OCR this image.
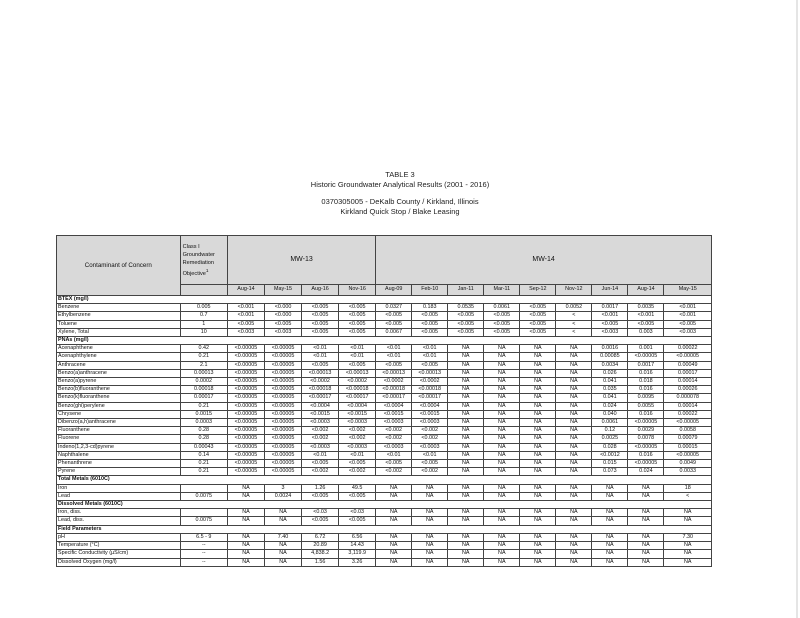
TABLE 3
Historic Groundwater Analytical Results (2001 - 2016)
0370305005 - DeKalb County / Kirkland, Illinois
Kirkland Quick Stop / Blake Leasing
Contaminant of Concern	Class I Groundwater Remediation Objective$^1$	MW-13				MW-14								
		Aug-14	May-15	Aug-16	Nov-16	Aug-09	Feb-10	Jan-11	Mar-11	Sep-12	Nov-12	Jun-14	Aug-14	May-15
BTEX (mg/l)														
Benzene	0.005	<0.001	<0.000	<0.005	<0.005	0.0327	0.183	0.0535	0.0061	<0.005	0.0052	0.0017	0.0035	<0.001
Ethylbenzene	0.7	<0.001	<0.000	<0.005	<0.005	<0.005	<0.005	<0.005	<0.005	<0.005	<	<0.001	<0.001	<0.001
Toluene	1	<0.005	<0.005	<0.005	<0.005	<0.005	<0.005	<0.005	<0.005	<0.005	<	<0.005	<0.005	<0.005
Xylene, Total	10	<0.003	<0.003	<0.005	<0.005	0.0067	<0.005	<0.005	<0.005	<0.005	<	<0.003	0.003	<0.003
PNAs (mg/l)														
Acenaphthene	0.42	<0.00005	<0.00005	<0.01	<0.01	<0.01	<0.01	NA	NA	NA	NA	0.0016	0.001	0.00022
Acenaphthylene	0.21	<0.00005	<0.00005	<0.01	<0.01	<0.01	<0.01	NA	NA	NA	NA	0.00085	<0.00005	<0.00005
Anthracene	2.1	<0.00005	<0.00005	<0.005	<0.005	<0.005	<0.005	NA	NA	NA	NA	0.0034	0.0017	0.00049
Benzo(a)anthracene	0.00013	<0.00005	<0.00005	<0.00013	<0.00013	<0.00013	<0.00013	NA	NA	NA	NA	0.026	0.016	0.00017
Benzo(a)pyrene	0.0002	<0.00005	<0.00005	<0.0002	<0.0002	<0.0002	<0.0002	NA	NA	NA	NA	0.041	0.018	0.00014
Benzo(b)fluoranthene	0.00018	<0.00005	<0.00005	<0.00018	<0.00018	<0.00018	<0.00018	NA	NA	NA	NA	0.035	0.016	0.00026
Benzo(k)fluoranthene	0.00017	<0.00005	<0.00005	<0.00017	<0.00017	<0.00017	<0.00017	NA	NA	NA	NA	0.041	0.0095	0.000078
Benzo(ghi)perylene	0.21	<0.00005	<0.00005	<0.0004	<0.0004	<0.0004	<0.0004	NA	NA	NA	NA	0.024	0.0055	0.00014
Chrysene	0.0015	<0.00005	<0.00005	<0.0015	<0.0015	<0.0015	<0.0015	NA	NA	NA	NA	0.040	0.016	0.00022
Dibenzo(a,h)anthracene	0.0003	<0.00005	<0.00005	<0.0003	<0.0003	<0.0003	<0.0003	NA	NA	NA	NA	0.0061	<0.00005	<0.00005
Fluoranthene	0.28	<0.00005	<0.00005	<0.002	<0.002	<0.002	<0.002	NA	NA	NA	NA	0.12	0.0029	0.0058
Fluorene	0.28	<0.00005	<0.00005	<0.002	<0.002	<0.002	<0.002	NA	NA	NA	NA	0.0025	0.0078	0.00079
Indeno(1,2,3-cd)pyrene	0.00043	<0.00005	<0.00005	<0.0003	<0.0003	<0.0003	<0.0003	NA	NA	NA	NA	0.028	<0.00005	0.00015
Naphthalene	0.14	<0.00005	<0.00005	<0.01	<0.01	<0.01	<0.01	NA	NA	NA	NA	<0.0012	0.016	<0.00005
Phenanthrene	0.21	<0.00005	<0.00005	<0.005	<0.005	<0.005	<0.005	NA	NA	NA	NA	0.015	<0.00005	0.0049
Pyrene	0.21	<0.00005	<0.00005	<0.002	<0.002	<0.002	<0.002	NA	NA	NA	NA	0.073	0.024	0.0033
Total Metals (6010C)														
Iron		NA	3	1.26	49.5	NA	NA	NA	NA	NA	NA	NA	NA	18
Lead	0.0075	NA	0.0024	<0.005	<0.005	NA	NA	NA	NA	NA	NA	NA	NA	<
Dissolved Metals (6010C)														
Iron, diss.		NA	NA	<0.03	<0.03	NA	NA	NA	NA	NA	NA	NA	NA	NA
Lead, diss.	0.0075	NA	NA	<0.005	<0.005	NA	NA	NA	NA	NA	NA	NA	NA	NA
Field Parameters														
pH	6.5 - 9	NA	7.40	6.72	6.56	NA	NA	NA	NA	NA	NA	NA	NA	7.30
Temperature (°C)	--	NA	NA	20.89	14.43	NA	NA	NA	NA	NA	NA	NA	NA	NA
Specific Conductivity (µS/cm)	--	NA	NA	4,838.2	3,119.9	NA	NA	NA	NA	NA	NA	NA	NA	NA
Dissolved Oxygen (mg/l)	--	NA	NA	1.56	3.26	NA	NA	NA	NA	NA	NA	NA	NA	NA
